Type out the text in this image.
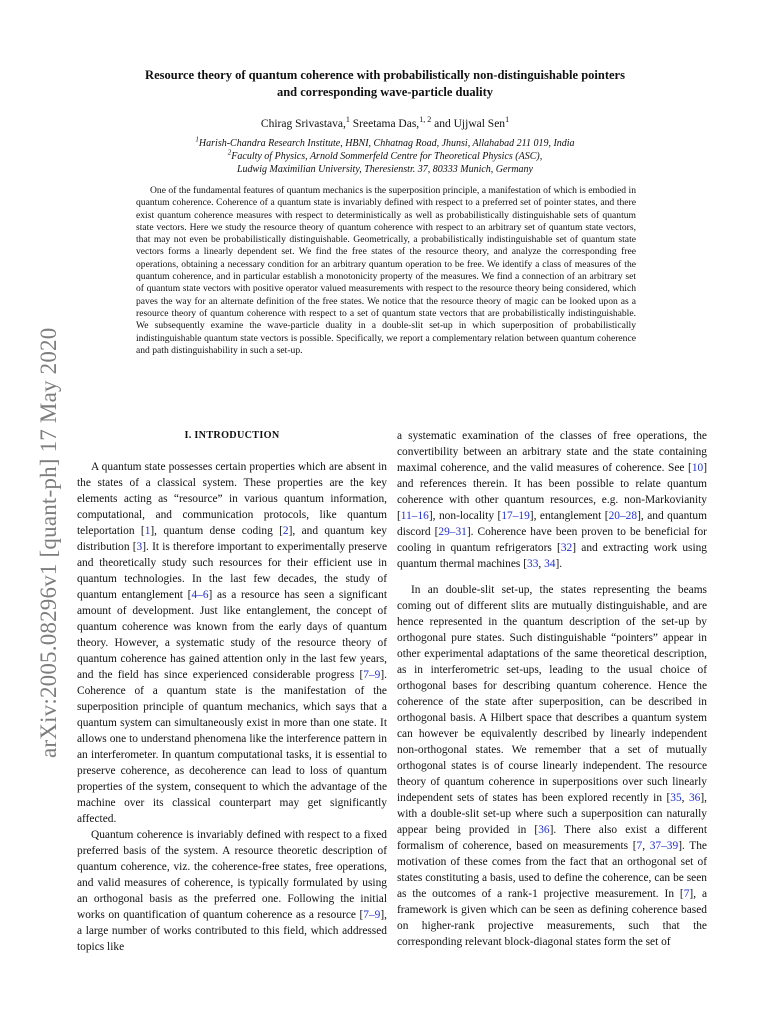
arXiv:2005.08296v1 [quant-ph] 17 May 2020
Resource theory of quantum coherence with probabilistically non-distinguishable pointers
and corresponding wave-particle duality
Chirag Srivastava,$^1$ Sreetama Das,$^{1, 2}$ and Ujjwal Sen$^1$
$^1$Harish-Chandra Research Institute, HBNI, Chhatnag Road, Jhunsi, Allahabad 211 019, India
$^2$Faculty of Physics, Arnold Sommerfeld Centre for Theoretical Physics (ASC),
Ludwig Maximilian University, Theresienstr. 37, 80333 Munich, Germany

One of the fundamental features of quantum mechanics is the superposition principle, a manifestation of which is embodied in quantum coherence. Coherence of a quantum state is invariably defined with respect to a preferred set of pointer states, and there exist quantum coherence measures with respect to deterministically as well as probabilistically distinguishable sets of quantum state vectors. Here we study the resource theory of quantum coherence with respect to an arbitrary set of quantum state vectors, that may not even be probabilistically distinguishable. Geometrically, a probabilistically indistinguishable set of quantum state vectors forms a linearly dependent set. We find the free states of the resource theory, and analyze the corresponding free operations, obtaining a necessary condition for an arbitrary quantum operation to be free. We identify a class of measures of the quantum coherence, and in particular establish a monotonicity property of the measures. We find a connection of an arbitrary set of quantum state vectors with positive operator valued measurements with respect to the resource theory being considered, which paves the way for an alternate definition of the free states. We notice that the resource theory of magic can be looked upon as a resource theory of quantum coherence with respect to a set of quantum state vectors that are probabilistically indistinguishable. We subsequently examine the wave-particle duality in a double-slit set-up in which superposition of probabilistically indistinguishable quantum state vectors is possible. Specifically, we report a complementary relation between quantum coherence and path distinguishability in such a set-up.

I. INTRODUCTION

A quantum state possesses certain properties which are absent in the states of a classical system. These properties are the key elements acting as “resource” in various quantum information, computational, and communication protocols, like quantum teleportation [1], quantum dense coding [2], and quantum key distribution [3]. It is therefore important to experimentally preserve and theoretically study such resources for their efficient use in quantum technologies. In the last few decades, the study of quantum entanglement [4–6] as a resource has seen a significant amount of development. Just like entanglement, the concept of quantum coherence was known from the early days of quantum theory. However, a systematic study of the resource theory of quantum coherence has gained attention only in the last few years, and the field has since experienced considerable progress [7–9]. Coherence of a quantum state is the manifestation of the superposition principle of quantum mechanics, which says that a quantum system can simultaneously exist in more than one state. It allows one to understand phenomena like the interference pattern in an interferometer. In quantum computational tasks, it is essential to preserve coherence, as decoherence can lead to loss of quantum properties of the system, consequent to which the advantage of the machine over its classical counterpart may get significantly affected.

Quantum coherence is invariably defined with respect to a fixed preferred basis of the system. A resource theoretic description of quantum coherence, viz. the coherence-free states, free operations, and valid measures of coherence, is typically formulated by using an orthogonal basis as the preferred one. Following the initial works on quantification of quantum coherence as a resource [7–9], a large number of works contributed to this field, which addressed topics like

a systematic examination of the classes of free operations, the convertibility between an arbitrary state and the state containing maximal coherence, and the valid measures of coherence. See [10] and references therein. It has been possible to relate quantum coherence with other quantum resources, e.g. non-Markovianity [11–16], non-locality [17–19], entanglement [20–28], and quantum discord [29–31]. Coherence have been proven to be beneficial for cooling in quantum refrigerators [32] and extracting work using quantum thermal machines [33, 34].

In an double-slit set-up, the states representing the beams coming out of different slits are mutually distinguishable, and are hence represented in the quantum description of the set-up by orthogonal pure states. Such distinguishable “pointers” appear in other experimental adaptations of the same theoretical description, as in interferometric set-ups, leading to the usual choice of orthogonal bases for describing quantum coherence. Hence the coherence of the state after superposition, can be described in orthogonal basis. A Hilbert space that describes a quantum system can however be equivalently described by linearly independent non-orthogonal states. We remember that a set of mutually orthogonal states is of course linearly independent. The resource theory of quantum coherence in superpositions over such linearly independent sets of states has been explored recently in [35, 36], with a double-slit set-up where such a superposition can naturally appear being provided in [36]. There also exist a different formalism of coherence, based on measurements [7, 37–39]. The motivation of these comes from the fact that an orthogonal set of states constituting a basis, used to define the coherence, can be seen as the outcomes of a rank-1 projective measurement. In [7], a framework is given which can be seen as defining coherence based on higher-rank projective measurements, such that the corresponding relevant block-diagonal states form the set of
